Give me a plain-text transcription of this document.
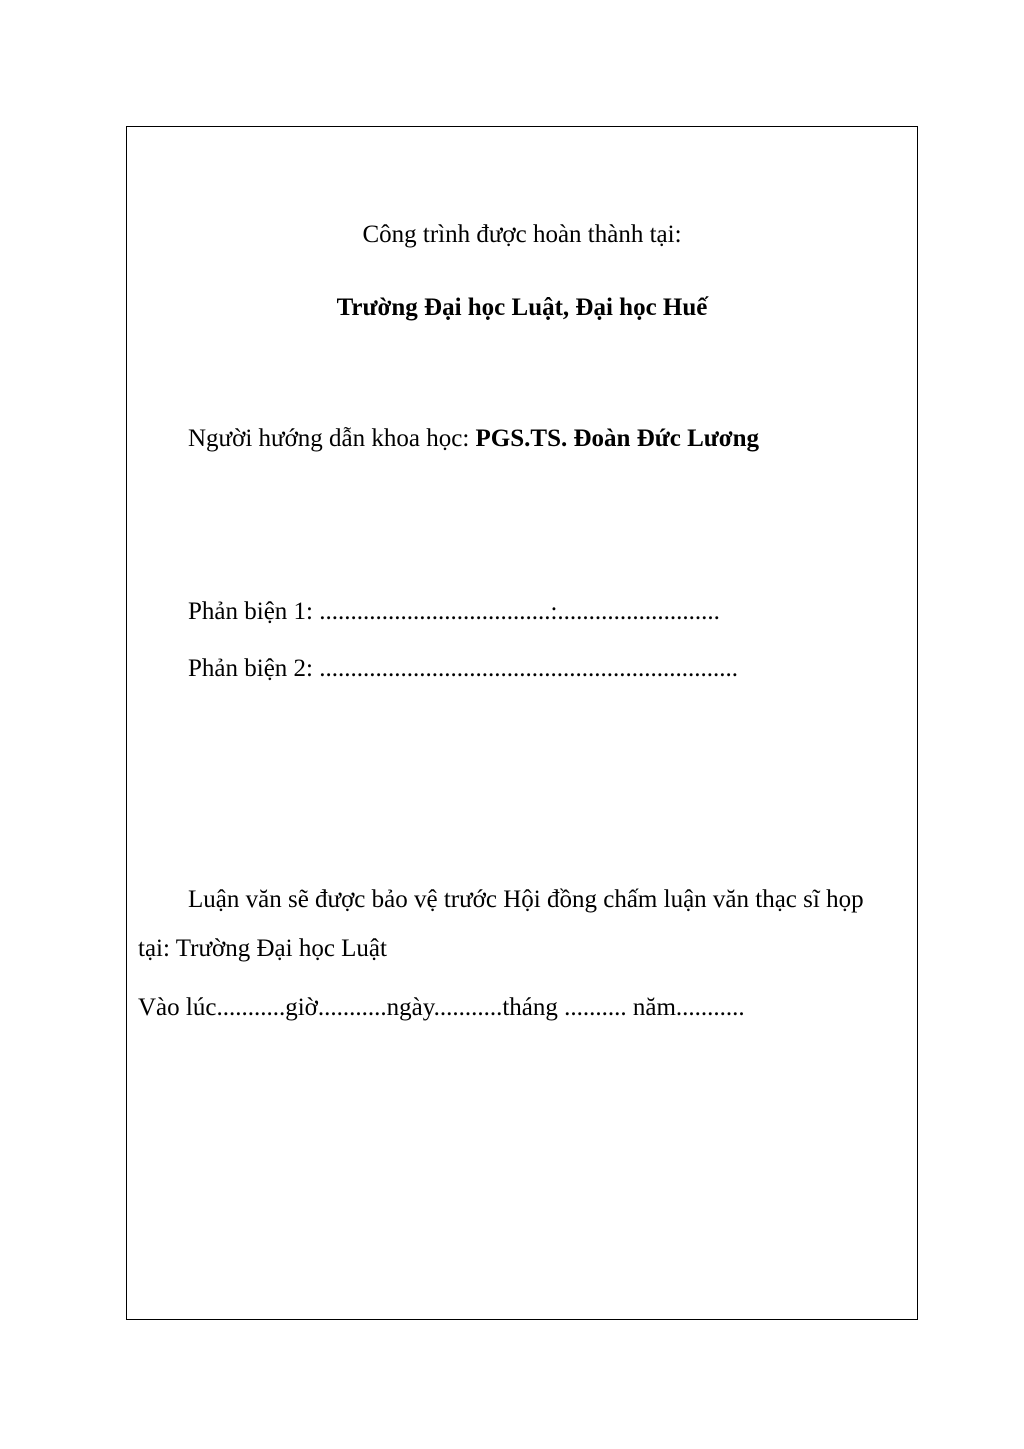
Công trình được hoàn thành tại:
Trường Đại học Luật, Đại học Huế
Người hướng dẫn khoa học: PGS.TS. Đoàn Đức Lương
Phản biện 1: .....................................:..........................
Phản biện 2: ...................................................................
Luận văn sẽ được bảo vệ trước Hội đồng chấm luận văn thạc sĩ họp
tại: Trường Đại học Luật
Vào lúc...........giờ...........ngày...........tháng .......... năm...........
